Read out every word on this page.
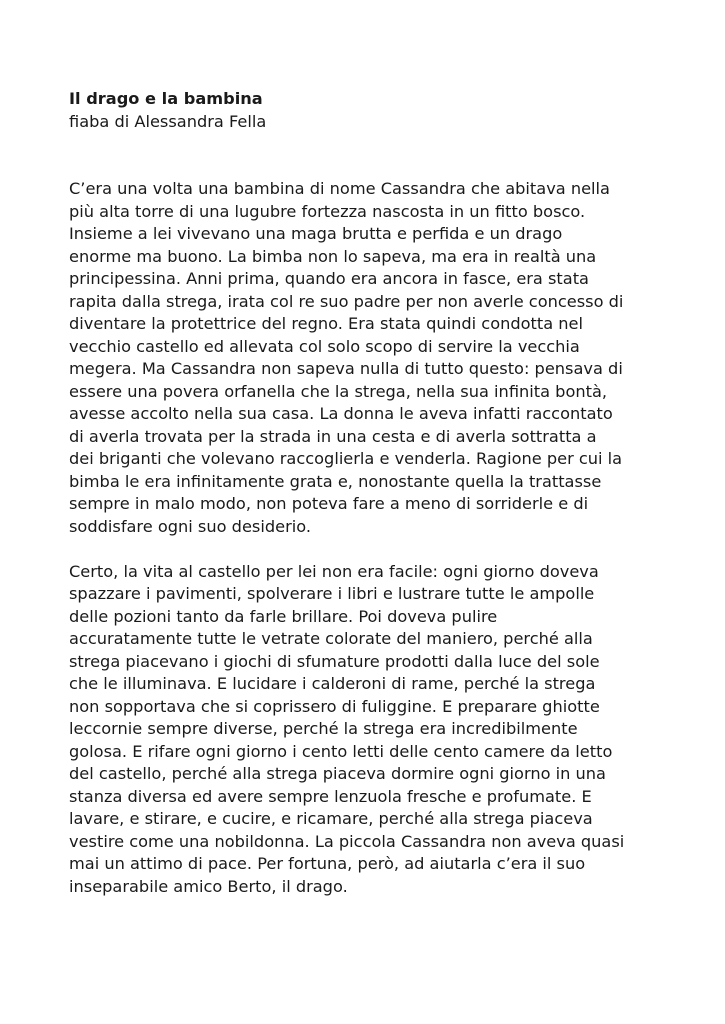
Il drago e la bambina

fiaba di Alessandra Fella

C’era una volta una bambina di nome Cassandra che abitava nella
più alta torre di una lugubre fortezza nascosta in un fitto bosco.
Insieme a lei vivevano una maga brutta e perfida e un drago
enorme ma buono. La bimba non lo sapeva, ma era in realtà una
principessina. Anni prima, quando era ancora in fasce, era stata
rapita dalla strega, irata col re suo padre per non averle concesso di
diventare la protettrice del regno. Era stata quindi condotta nel
vecchio castello ed allevata col solo scopo di servire la vecchia
megera. Ma Cassandra non sapeva nulla di tutto questo: pensava di
essere una povera orfanella che la strega, nella sua infinita bontà,
avesse accolto nella sua casa. La donna le aveva infatti raccontato
di averla trovata per la strada in una cesta e di averla sottratta a
dei briganti che volevano raccoglierla e venderla. Ragione per cui la
bimba le era infinitamente grata e, nonostante quella la trattasse
sempre in malo modo, non poteva fare a meno di sorriderle e di
soddisfare ogni suo desiderio.

Certo, la vita al castello per lei non era facile: ogni giorno doveva
spazzare i pavimenti, spolverare i libri e lustrare tutte le ampolle
delle pozioni tanto da farle brillare. Poi doveva pulire
accuratamente tutte le vetrate colorate del maniero, perché alla
strega piacevano i giochi di sfumature prodotti dalla luce del sole
che le illuminava. E lucidare i calderoni di rame, perché la strega
non sopportava che si coprissero di fuliggine. E preparare ghiotte
leccornie sempre diverse, perché la strega era incredibilmente
golosa. E rifare ogni giorno i cento letti delle cento camere da letto
del castello, perché alla strega piaceva dormire ogni giorno in una
stanza diversa ed avere sempre lenzuola fresche e profumate. E
lavare, e stirare, e cucire, e ricamare, perché alla strega piaceva
vestire come una nobildonna. La piccola Cassandra non aveva quasi
mai un attimo di pace. Per fortuna, però, ad aiutarla c’era il suo
inseparabile amico Berto, il drago.
